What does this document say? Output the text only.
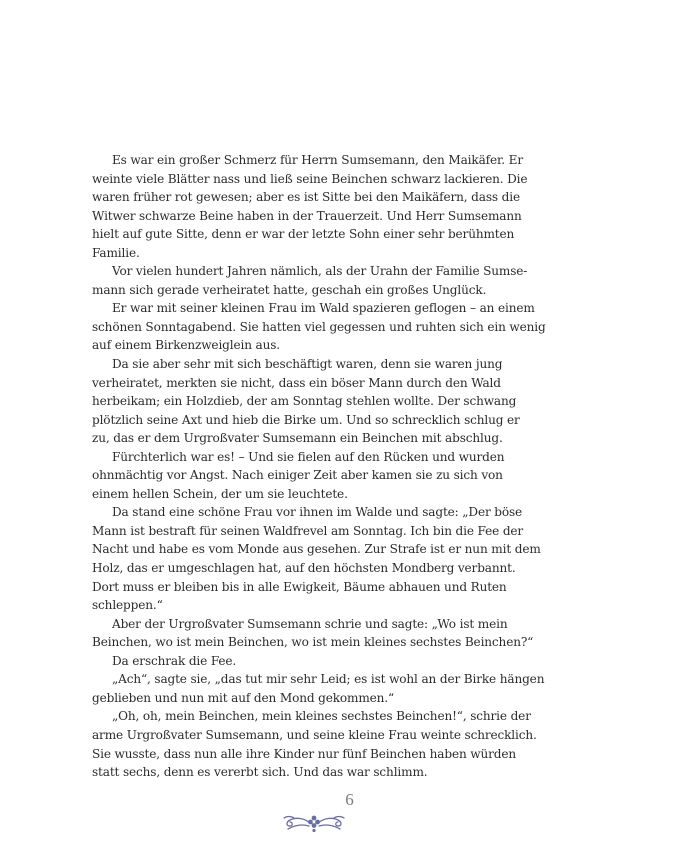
Es war ein großer Schmerz für Herrn Sumsemann, den Maikäfer. Er
weinte viele Blätter nass und ließ seine Beinchen schwarz lackieren. Die
waren früher rot gewesen; aber es ist Sitte bei den Maikäfern, dass die
Witwer schwarze Beine haben in der Trauerzeit. Und Herr Sumsemann
hielt auf gute Sitte, denn er war der letzte Sohn einer sehr berühmten
Familie.
Vor vielen hundert Jahren nämlich, als der Urahn der Familie Sumse-
mann sich gerade verheiratet hatte, geschah ein großes Unglück.
Er war mit seiner kleinen Frau im Wald spazieren geflogen – an einem
schönen Sonntagabend. Sie hatten viel gegessen und ruhten sich ein wenig
auf einem Birkenzweiglein aus.
Da sie aber sehr mit sich beschäftigt waren, denn sie waren jung
verheiratet, merkten sie nicht, dass ein böser Mann durch den Wald
herbeikam; ein Holzdieb, der am Sonntag stehlen wollte. Der schwang
plötzlich seine Axt und hieb die Birke um. Und so schrecklich schlug er
zu, das er dem Urgroßvater Sumsemann ein Beinchen mit abschlug.
Fürchterlich war es! – Und sie fielen auf den Rücken und wurden
ohnmächtig vor Angst. Nach einiger Zeit aber kamen sie zu sich von
einem hellen Schein, der um sie leuchtete.
Da stand eine schöne Frau vor ihnen im Walde und sagte: „Der böse
Mann ist bestraft für seinen Waldfrevel am Sonntag. Ich bin die Fee der
Nacht und habe es vom Monde aus gesehen. Zur Strafe ist er nun mit dem
Holz, das er umgeschlagen hat, auf den höchsten Mondberg verbannt.
Dort muss er bleiben bis in alle Ewigkeit, Bäume abhauen und Ruten
schleppen.“
Aber der Urgroßvater Sumsemann schrie und sagte: „Wo ist mein
Beinchen, wo ist mein Beinchen, wo ist mein kleines sechstes Beinchen?“
Da erschrak die Fee.
„Ach“, sagte sie, „das tut mir sehr Leid; es ist wohl an der Birke hängen
geblieben und nun mit auf den Mond gekommen.“
„Oh, oh, mein Beinchen, mein kleines sechstes Beinchen!“, schrie der
arme Urgroßvater Sumsemann, und seine kleine Frau weinte schrecklich.
Sie wusste, dass nun alle ihre Kinder nur fünf Beinchen haben würden
statt sechs, denn es vererbt sich. Und das war schlimm.
6
